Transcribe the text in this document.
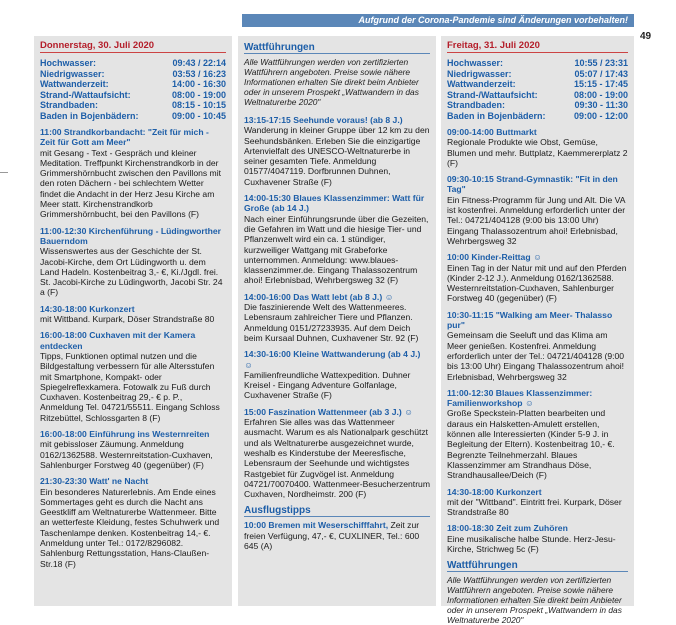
Aufgrund der Corona-Pandemie sind Änderungen vorbehalten!
49
Donnerstag, 30. Juli 2020
Hochwasser:	09:43 / 22:14
Niedrigwasser:	03:53 / 16:23
Wattwanderzeit:	14:00 - 16:30
Strand-/Wattaufsicht:	08:00 - 19:00
Strandbaden:	08:15 - 10:15
Baden in Bojenbädern:	09:00 - 10:45
11:00 Strandkorbandacht: "Zeit für mich - Zeit für Gott am Meer"
mit Gesang - Text - Gespräch und kleiner Meditation. Treffpunkt Kirchenstrandkorb in der Grimmershörnbucht zwischen den Pavillons mit den roten Dächern - bei schlechtem Wetter findet die Andacht in der Herz Jesu Kirche am Meer statt. Kirchenstrandkorb Grimmershörnbucht, bei den Pavillons (F)
11:00-12:30 Kirchenführung - Lüdingworther Bauerndom
Wissenswertes aus der Geschichte der St. Jacobi-Kirche, dem Ort Lüdingworth u. dem Land Hadeln. Kostenbeitrag 3,- €, Ki./Jgdl. frei. St. Jacobi-Kirche zu Lüdingworth, Jacobi Str. 24 a (F)
14:30-18:00 Kurkonzert
mit Wittband. Kurpark, Döser Strandstraße 80
16:00-18:00 Cuxhaven mit der Kamera entdecken
Tipps, Funktionen optimal nutzen und die Bildgestaltung verbessern für alle Altersstufen mit Smartphone, Kompakt- oder Spiegelreflexkamera. Fotowalk zu Fuß durch Cuxhaven. Kostenbeitrag 29,- € p. P., Anmeldung Tel. 04721/55511. Eingang Schloss Ritzebüttel, Schlossgarten 8 (F)
16:00-18:00 Einführung ins Westernreiten
mit gebissloser Zäumung. Anmeldung 0162/1362588. Westernreitstation-Cuxhaven, Sahlenburger Forstweg 40 (gegenüber) (F)
21:30-23:30 Watt' ne Nacht
Ein besonderes Naturerlebnis. Am Ende eines Sommertages geht es durch die Nacht ans Geestkliff am Weltnaturerbe Wattenmeer. Bitte an wetterfeste Kleidung, festes Schuhwerk und Taschenlampe denken. Kostenbeitrag 14,- €. Anmeldung unter Tel.: 0172/8296082. Sahlenburg Rettungsstation, Hans-Claußen-Str.18 (F)
Wattführungen
Alle Wattführungen werden von zertifizierten Wattführern angeboten. Preise sowie nähere Informationen erhalten Sie direkt beim Anbieter oder in unserem Prospekt „Wattwandern in das Weltnaturerbe 2020"
13:15-17:15 Seehunde voraus! (ab 8 J.)
Wanderung in kleiner Gruppe über 12 km zu den Seehundsbänken. Erleben Sie die einzigartige Artenvielfalt des UNESCO-Weltnaturerbe in seiner gesamten Tiefe. Anmeldung 01577/4047119. Dorfbrunnen Duhnen, Cuxhavener Straße (F)
14:00-15:30 Blaues Klassenzimmer: Watt für Große (ab 14 J.)
Nach einer Einführungsrunde über die Gezeiten, die Gefahren im Watt und die hiesige Tier- und Pflanzenwelt wird ein ca. 1 stündiger, kurzweiliger Wattgang mit Grabeforke unternommen. Anmeldung: www.blaues-klassenzimmer.de. Eingang Thalassozentrum ahoi! Erlebnisbad, Wehrbergsweg 32 (F)
14:00-16:00 Das Watt lebt (ab 8 J.) ☺
Die faszinierende Welt des Wattenmeeres. Lebensraum zahlreicher Tiere und Pflanzen. Anmeldung 0151/27233935. Auf dem Deich beim Kursaal Duhnen, Cuxhavener Str. 92 (F)
14:30-16:00 Kleine Wattwanderung (ab 4 J.) ☺
Familienfreundliche Wattexpedition. Duhner Kreisel - Eingang Adventure Golfanlage, Cuxhavener Straße (F)
15:00 Faszination Wattenmeer (ab 3 J.) ☺
Erfahren Sie alles was das Wattenmeer ausmacht. Warum es als Nationalpark geschützt und als Weltnaturerbe ausgezeichnet wurde, weshalb es Kinderstube der Meeresfische, Lebensraum der Seehunde und wichtigstes Rastgebiet für Zugvögel ist. Anmeldung 04721/70070400. Wattenmeer-Besucherzentrum Cuxhaven, Nordheimstr. 200 (F)
Ausflugstipps
10:00 Bremen mit Weserschifffahrt, Zeit zur freien Verfügung, 47,- €, CUXLINER, Tel.: 600 645 (A)
Freitag, 31. Juli 2020
Hochwasser:	10:55 / 23:31
Niedrigwasser:	05:07 / 17:43
Wattwanderzeit:	15:15 - 17:45
Strand-/Wattaufsicht:	08:00 - 19:00
Strandbaden:	09:30 - 11:30
Baden in Bojenbädern:	09:00 - 12:00
09:00-14:00 Buttmarkt
Regionale Produkte wie Obst, Gemüse, Blumen und mehr. Buttplatz, Kaemmererplatz 2 (F)
09:30-10:15 Strand-Gymnastik: "Fit in den Tag"
Ein Fitness-Programm für Jung und Alt. Die VA ist kostenfrei. Anmeldung erforderlich unter der Tel.: 04721/404128 (9:00 bis 13:00 Uhr) Eingang Thalassozentrum ahoi! Erlebnisbad, Wehrbergsweg 32
10:00 Kinder-Reittag ☺
Einen Tag in der Natur mit und auf den Pferden (Kinder 2-12 J.). Anmeldung 0162/1362588. Westernreitstation-Cuxhaven, Sahlenburger Forstweg 40 (gegenüber) (F)
10:30-11:15 "Walking am Meer- Thalasso pur"
Gemeinsam die Seeluft und das Klima am Meer genießen. Kostenfrei. Anmeldung erforderlich unter der Tel.: 04721/404128 (9:00 bis 13:00 Uhr) Eingang Thalassozentrum ahoi! Erlebnisbad, Wehrbergsweg 32
11:00-12:30 Blaues Klassenzimmer: Familienworkshop ☺
Große Speckstein-Platten bearbeiten und daraus ein Halsketten-Amulett erstellen, können alle Interessierten (Kinder 5-9 J. in Begleitung der Eltern). Kostenbeitrag 10,- €. Begrenzte Teilnehmerzahl. Blaues Klassenzimmer am Strandhaus Döse, Strandhausallee/Deich (F)
14:30-18:00 Kurkonzert
mit der "Wittband". Eintritt frei. Kurpark, Döser Strandstraße 80
18:00-18:30 Zeit zum Zuhören
Eine musikalische halbe Stunde. Herz-Jesu-Kirche, Strichweg 5c (F)
Wattführungen
Alle Wattführungen werden von zertifizierten Wattführern angeboten. Preise sowie nähere Informationen erhalten Sie direkt beim Anbieter oder in unserem Prospekt „Wattwandern in das Weltnaturerbe 2020"
